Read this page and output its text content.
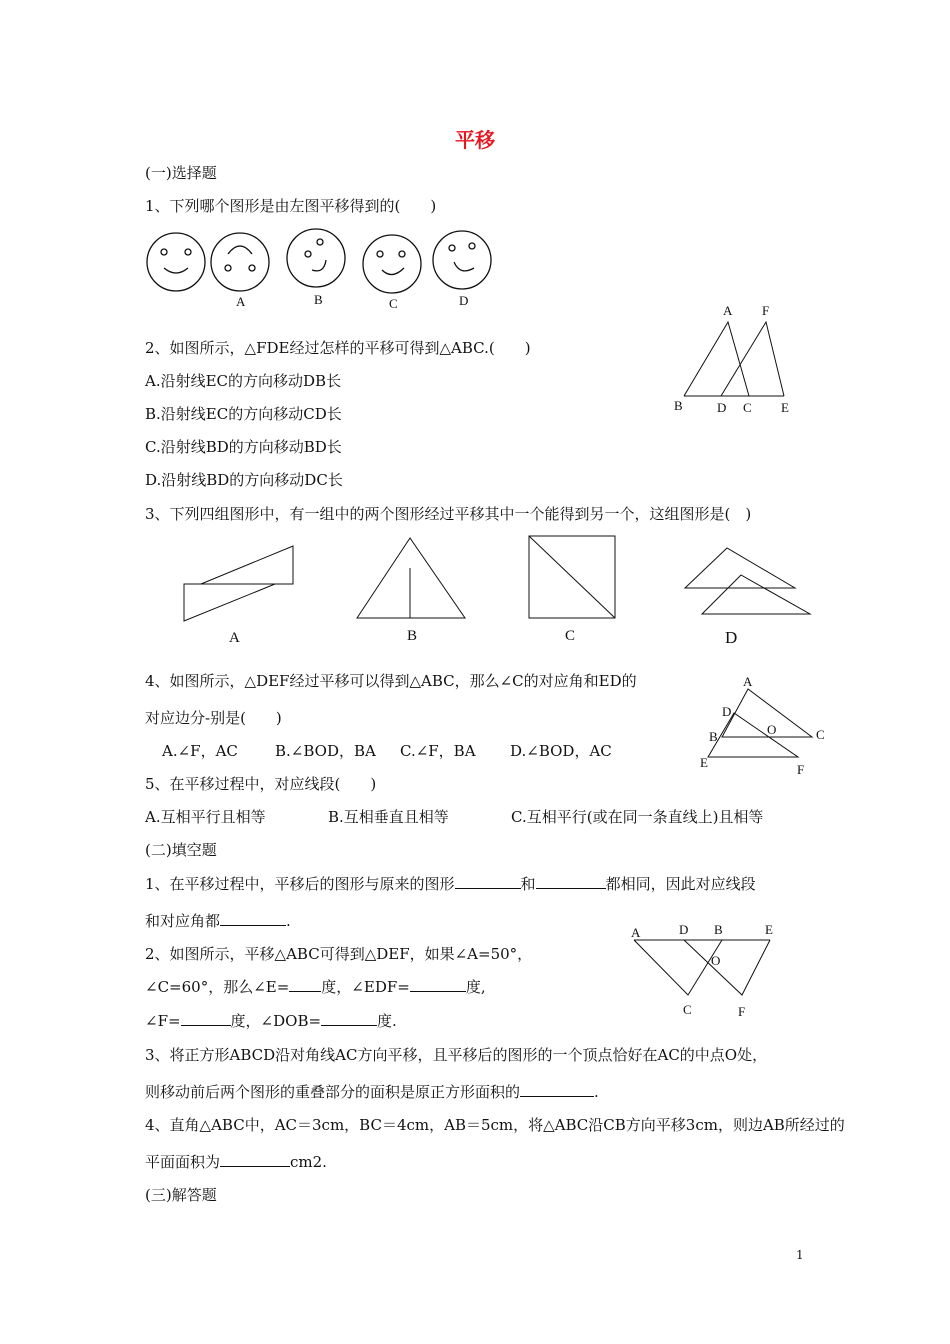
平移
(一)选择题
1、下列哪个图形是由左图平移得到的(　　)
A	B	C	D
2、如图所示，△FDE经过怎样的平移可得到△ABC.(　　)
A.沿射线EC的方向移动DB长
B.沿射线EC的方向移动CD长
C.沿射线BD的方向移动BD长
D.沿射线BD的方向移动DC长
A F
B	D C E
3、下列四组图形中，有一组中的两个图形经过平移其中一个能得到另一个，这组图形是(　)
A	B	C	D
4、如图所示，△DEF经过平移可以得到△ABC，那么∠C的对应角和ED的
对应边分-别是(　　)
A.∠F，AC B.∠BOD，BA C.∠F，BA D.∠BOD，AC
A
D
O	C
B
E	F
5、在平移过程中，对应线段(　　)
A.互相平行且相等	B.互相垂直且相等	C.互相平行(或在同一条直线上)且相等
(二)填空题
1、在平移过程中，平移后的图形与原来的图形	和	都相同，因此对应线段
和对应角都	.
2、如图所示，平移△ABC可得到△DEF，如果∠A=50°，
∠C=60°，那么∠E= 度，∠EDF=	度,
∠F=	度，∠DOB=	度.
A	D B	E
O
C	F
3、将正方形ABCD沿对角线AC方向平移，且平移后的图形的一个顶点恰好在AC的中点O处，
则移动前后两个图形的重叠部分的面积是原正方形面积的	.
4、直角△ABC中，AC＝3cm，BC＝4cm，AB＝5cm，将△ABC沿CB方向平移3cm，则边AB所经过的
平面面积为	cm2.
(三)解答题
1
